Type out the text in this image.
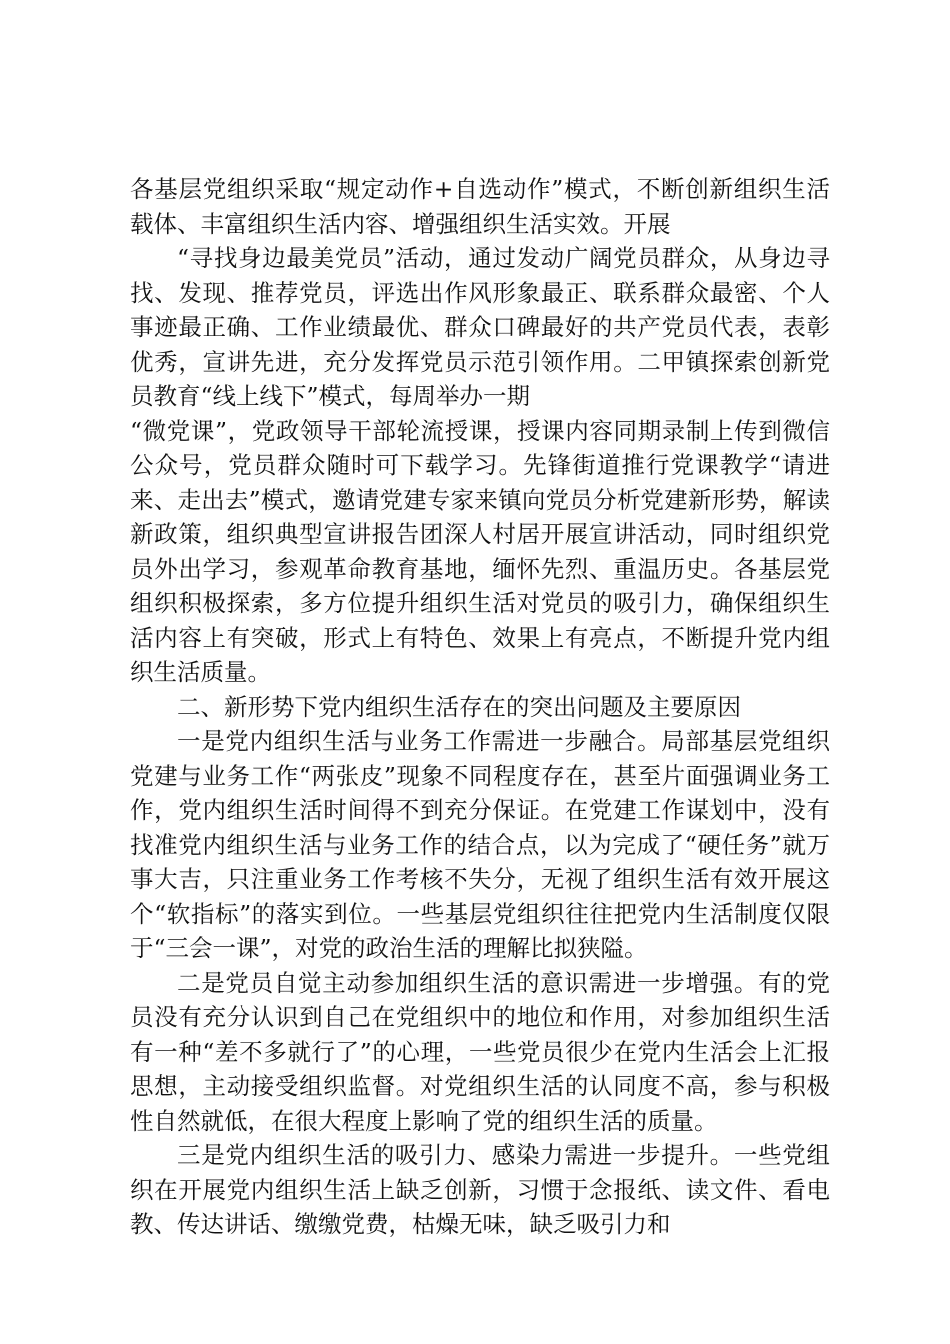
各基层党组织采取“规定动作+自选动作”模式，不断创新组织生活载体、丰富组织生活内容、增强组织生活实效。开展

“寻找身边最美党员”活动，通过发动广阔党员群众，从身边寻找、发现、推荐党员，评选出作风形象最正、联系群众最密、个人事迹最正确、工作业绩最优、群众口碑最好的共产党员代表，表彰优秀，宣讲先进，充分发挥党员示范引领作用。二甲镇探索创新党员教育“线上线下”模式，每周举办一期

“微党课”，党政领导干部轮流授课，授课内容同期录制上传到微信公众号，党员群众随时可下载学习。先锋街道推行党课教学“请进来、走出去”模式，邀请党建专家来镇向党员分析党建新形势，解读新政策，组织典型宣讲报告团深人村居开展宣讲活动，同时组织党员外出学习，参观革命教育基地，缅怀先烈、重温历史。各基层党组织积极探索，多方位提升组织生活对党员的吸引力，确保组织生活内容上有突破，形式上有特色、效果上有亮点，不断提升党内组织生活质量。

二、新形势下党内组织生活存在的突出问题及主要原因

一是党内组织生活与业务工作需进一步融合。局部基层党组织党建与业务工作“两张皮”现象不同程度存在，甚至片面强调业务工作，党内组织生活时间得不到充分保证。在党建工作谋划中，没有找准党内组织生活与业务工作的结合点，以为完成了“硬任务”就万事大吉，只注重业务工作考核不失分，无视了组织生活有效开展这个“软指标”的落实到位。一些基层党组织往往把党内生活制度仅限于“三会一课”，对党的政治生活的理解比拟狭隘。

二是党员自觉主动参加组织生活的意识需进一步增强。有的党员没有充分认识到自己在党组织中的地位和作用，对参加组织生活有一种“差不多就行了”的心理，一些党员很少在党内生活会上汇报思想，主动接受组织监督。对党组织生活的认同度不高，参与积极性自然就低，在很大程度上影响了党的组织生活的质量。

三是党内组织生活的吸引力、感染力需进一步提升。一些党组织在开展党内组织生活上缺乏创新，习惯于念报纸、读文件、看电教、传达讲话、缴缴党费，枯燥无味，缺乏吸引力和
